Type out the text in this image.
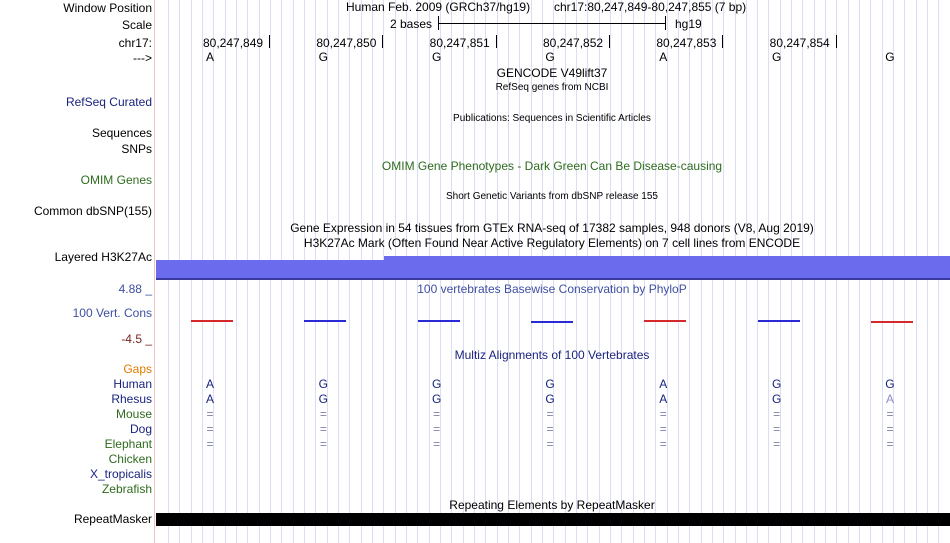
Window Position	Human Feb. 2009 (GRCh37/hg19) chr17:80,247,849-80,247,855 (7 bp)
Scale	2 bases	hg19
chr17:	80,247,849	80,247,850	80,247,851	80,247,852	80,247,853	80,247,854
--->	A	G	G	G	A	G	G
GENCODE V49lift37
RefSeq genes from NCBI
RefSeq Curated
Publications: Sequences in Scientific Articles
Sequences
SNPs
OMIM Gene Phenotypes - Dark Green Can Be Disease-causing
OMIM Genes
Short Genetic Variants from dbSNP release 155
Common dbSNP(155)
Gene Expression in 54 tissues from GTEx RNA-seq of 17382 samples, 948 donors (V8, Aug 2019)
H3K27Ac Mark (Often Found Near Active Regulatory Elements) on 7 cell lines from ENCODE
Layered H3K27Ac
4.88 _	100 vertebrates Basewise Conservation by PhyloP
100 Vert. Cons
-4.5 _
Multiz Alignments of 100 Vertebrates
Gaps
Human	A	G	G	G	A	G	G
Rhesus	A	G	G	G	A	G	A
Mouse	=	=	=	=	=	=	=
Dog	=	=	=	=	=	=	=
Elephant	=	=	=	=	=	=	=
Chicken
X_tropicalis
Zebrafish
Repeating Elements by RepeatMasker
RepeatMasker
